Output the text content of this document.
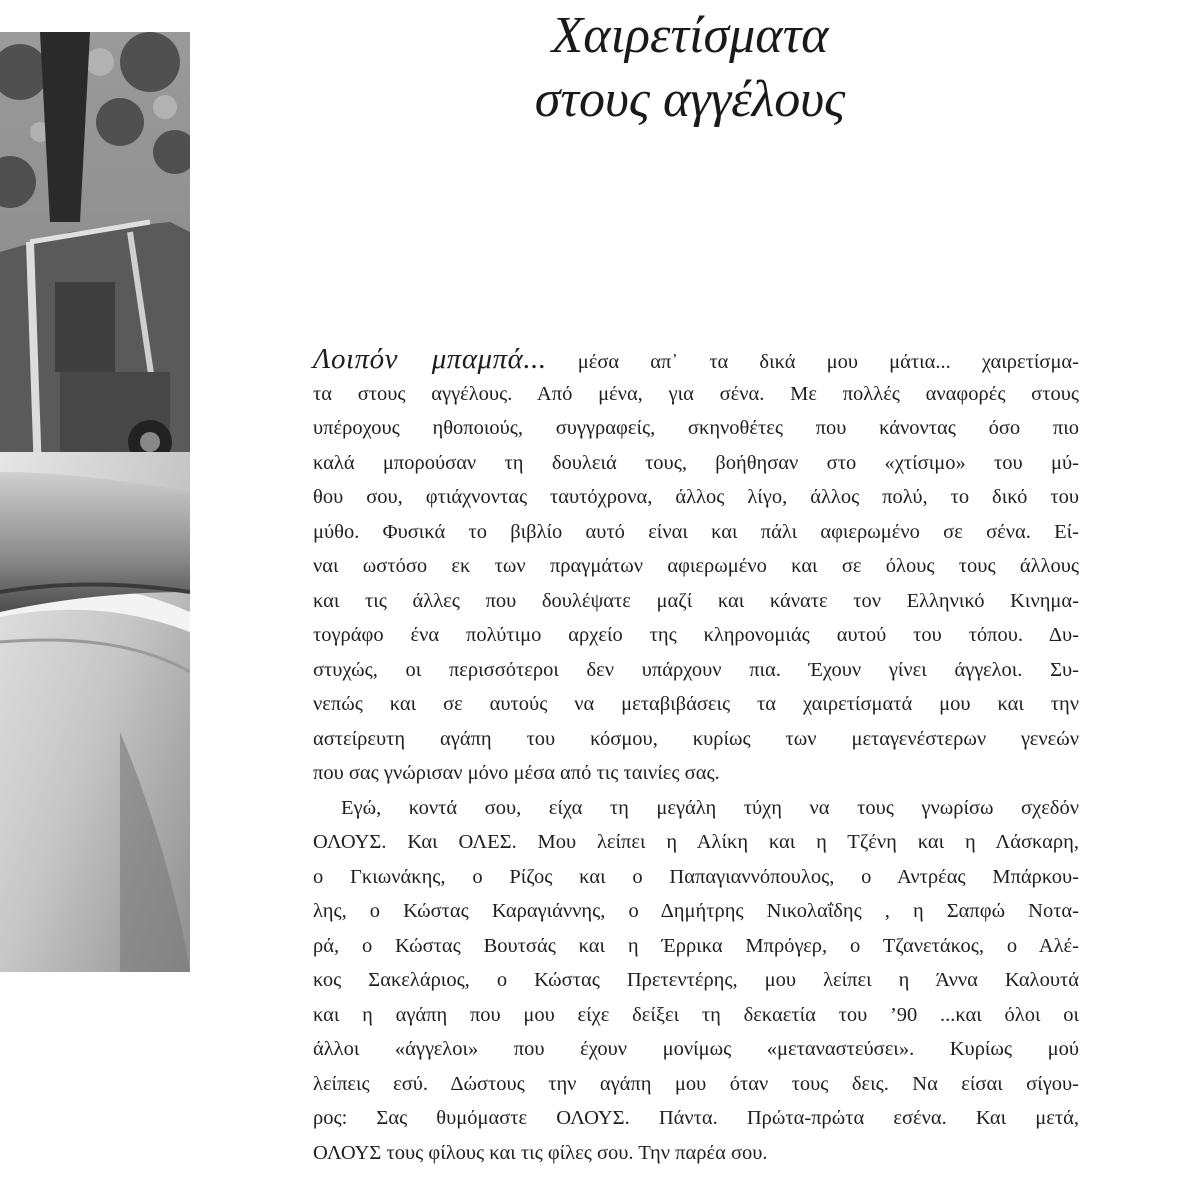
Χαιρετίσματα
στους αγγέλους
Λοιπόν μπαμπά... μέσα απ᾽ τα δικά μου μάτια... χαιρετίσμα-
τα στους αγγέλους. Από μένα, για σένα. Με πολλές αναφορές στους
υπέροχους ηθοποιούς, συγγραφείς, σκηνοθέτες που κάνοντας όσο πιο
καλά μπορούσαν τη δουλειά τους, βοήθησαν στο «χτίσιμο» του μύ-
θου σου, φτιάχνοντας ταυτόχρονα, άλλος λίγο, άλλος πολύ, το δικό του
μύθο. Φυσικά το βιβλίο αυτό είναι και πάλι αφιερωμένο σε σένα. Εί-
ναι ωστόσο εκ των πραγμάτων αφιερωμένο και σε όλους τους άλλους
και τις άλλες που δουλέψατε μαζί και κάνατε τον Ελληνικό Κινημα-
τογράφο ένα πολύτιμο αρχείο της κληρονομιάς αυτού του τόπου. Δυ-
στυχώς, οι περισσότεροι δεν υπάρχουν πια. Έχουν γίνει άγγελοι. Συ-
νεπώς και σε αυτούς να μεταβιβάσεις τα χαιρετίσματά μου και την
αστείρευτη αγάπη του κόσμου, κυρίως των μεταγενέστερων γενεών
που σας γνώρισαν μόνο μέσα από τις ταινίες σας.
Εγώ, κοντά σου, είχα τη μεγάλη τύχη να τους γνωρίσω σχεδόν
ΟΛΟΥΣ. Και ΟΛΕΣ. Μου λείπει η Αλίκη και η Τζένη και η Λάσκαρη,
ο Γκιωνάκης, ο Ρίζος και ο Παπαγιαννόπουλος, ο Αντρέας Μπάρκου-
λης, ο Κώστας Καραγιάννης, ο Δημήτρης Νικολαΐδης , η Σαπφώ Νοτα-
ρά, ο Κώστας Βουτσάς και η Έρρικα Μπρόγερ, ο Τζανετάκος, ο Αλέ-
κος Σακελάριος, ο Κώστας Πρετεντέρης, μου λείπει η Άννα Καλουτά
και η αγάπη που μου είχε δείξει τη δεκαετία του ’90 ...και όλοι οι
άλλοι «άγγελοι» που έχουν μονίμως «μεταναστεύσει». Κυρίως μού
λείπεις εσύ. Δώστους την αγάπη μου όταν τους δεις. Να είσαι σίγου-
ρος: Σας θυμόμαστε ΟΛΟΥΣ. Πάντα. Πρώτα-πρώτα εσένα. Και μετά,
ΟΛΟΥΣ τους φίλους και τις φίλες σου. Την παρέα σου.
